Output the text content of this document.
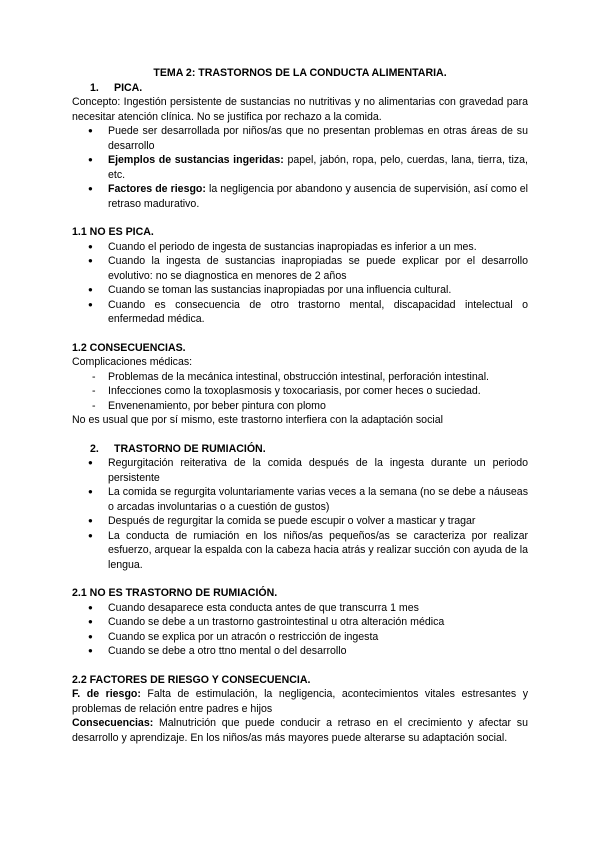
TEMA 2: TRASTORNOS DE LA CONDUCTA ALIMENTARIA.

1.	PICA.

Concepto: Ingestión persistente de sustancias no nutritivas y no alimentarias con gravedad para necesitar atención clínica. No se justifica por rechazo a la comida.

● Puede ser desarrollada por niños/as que no presentan problemas en otras áreas de su desarrollo
● Ejemplos de sustancias ingeridas: papel, jabón, ropa, pelo, cuerdas, lana, tierra, tiza, etc.
● Factores de riesgo: la negligencia por abandono y ausencia de supervisión, así como el retraso madurativo.

1.1 NO ES PICA.

● Cuando el periodo de ingesta de sustancias inapropiadas es inferior a un mes.
● Cuando la ingesta de sustancias inapropiadas se puede explicar por el desarrollo evolutivo: no se diagnostica en menores de 2 años
● Cuando se toman las sustancias inapropiadas por una influencia cultural.
● Cuando es consecuencia de otro trastorno mental, discapacidad intelectual o enfermedad médica.

1.2 CONSECUENCIAS.

Complicaciones médicas:

- Problemas de la mecánica intestinal, obstrucción intestinal, perforación intestinal.
- Infecciones como la toxoplasmosis y toxocariasis, por comer heces o suciedad.
- Envenenamiento, por beber pintura con plomo

No es usual que por sí mismo, este trastorno interfiera con la adaptación social

2.	TRASTORNO DE RUMIACIÓN.

● Regurgitación reiterativa de la comida después de la ingesta durante un periodo persistente
● La comida se regurgita voluntariamente varias veces a la semana (no se debe a náuseas o arcadas involuntarias o a cuestión de gustos)
● Después de regurgitar la comida se puede escupir o volver a masticar y tragar
● La conducta de rumiación en los niños/as pequeños/as se caracteriza por realizar esfuerzo, arquear la espalda con la cabeza hacia atrás y realizar succión con ayuda de la lengua.

2.1 NO ES TRASTORNO DE RUMIACIÓN.

● Cuando desaparece esta conducta antes de que transcurra 1 mes
● Cuando se debe a un trastorno gastrointestinal u otra alteración médica
● Cuando se explica por un atracón o restricción de ingesta
● Cuando se debe a otro ttno mental o del desarrollo

2.2 FACTORES DE RIESGO Y CONSECUENCIA.

F. de riesgo: Falta de estimulación, la negligencia, acontecimientos vitales estresantes y problemas de relación entre padres e hijos

Consecuencias: Malnutrición que puede conducir a retraso en el crecimiento y afectar su desarrollo y aprendizaje. En los niños/as más mayores puede alterarse su adaptación social.
